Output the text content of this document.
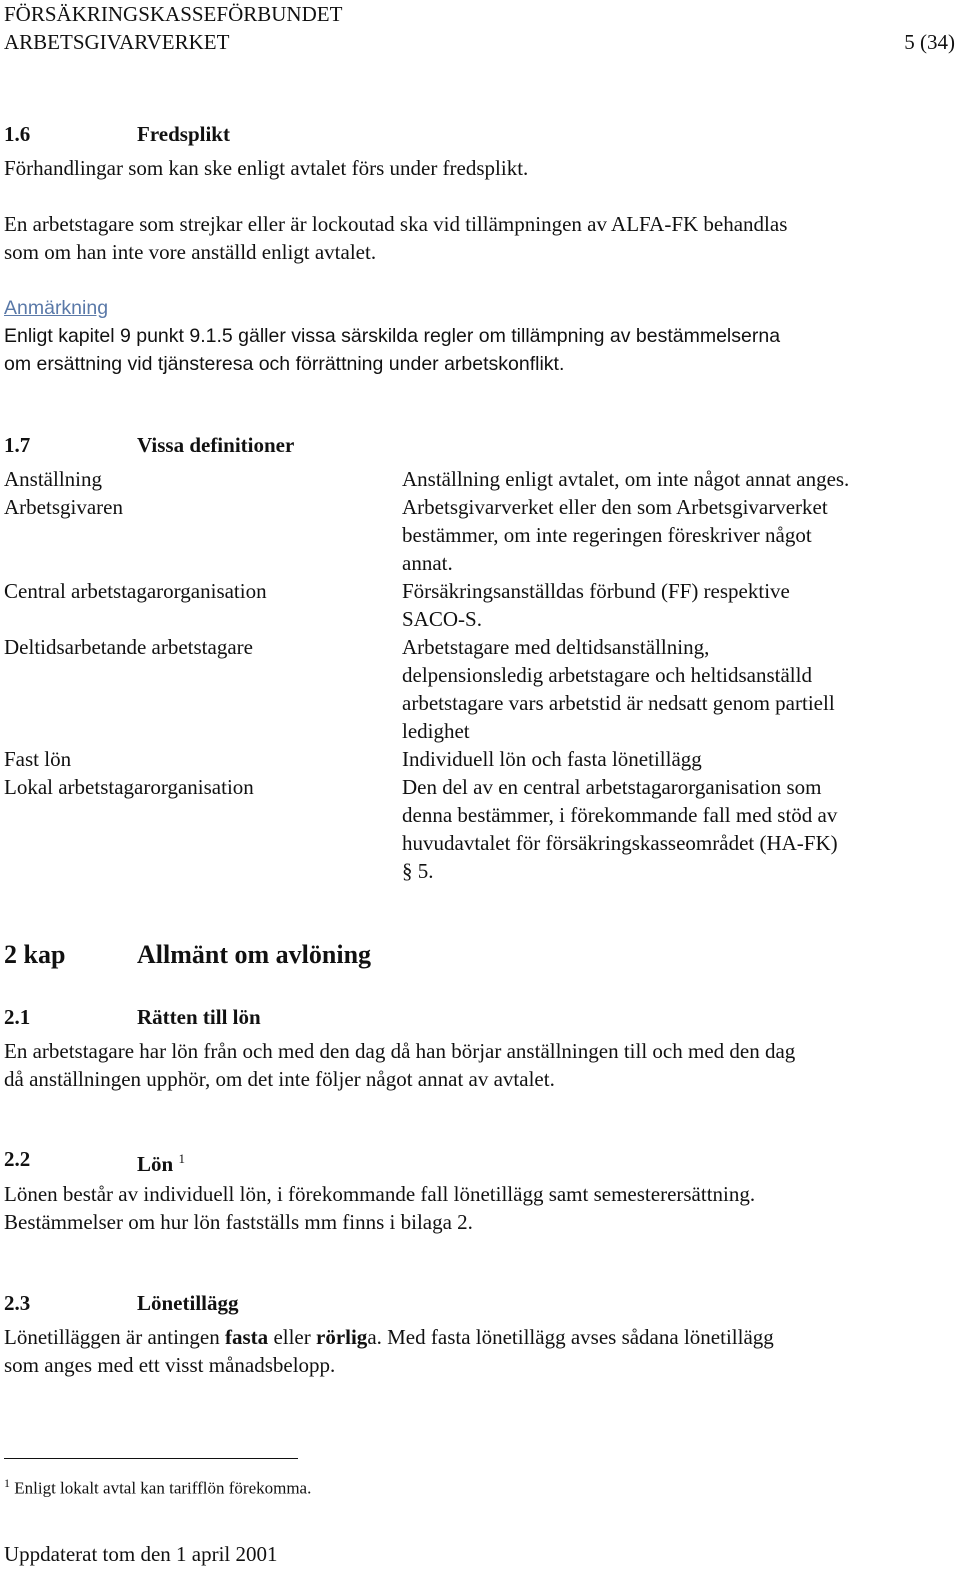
FÖRSÄKRINGSKASSEFÖRBUNDET
ARBETSGIVARVERKET	5 (34)
1.6	Fredsplikt
Förhandlingar som kan ske enligt avtalet förs under fredsplikt.
En arbetstagare som strejkar eller är lockoutad ska vid tillämpningen av ALFA-FK behandlas
som om han inte vore anställd enligt avtalet.
Anmärkning
Enligt kapitel 9 punkt 9.1.5 gäller vissa särskilda regler om tillämpning av bestämmelserna
om ersättning vid tjänsteresa och förrättning under arbetskonflikt.
1.7	Vissa definitioner
Anställning	Anställning enligt avtalet, om inte något annat anges.
Arbetsgivaren	Arbetsgivarverket eller den som Arbetsgivarverket
bestämmer, om inte regeringen föreskriver något
annat.
Central arbetstagarorganisation	Försäkringsanställdas förbund (FF) respektive
SACO-S.
Deltidsarbetande arbetstagare	Arbetstagare med deltidsanställning,
delpensionsledig arbetstagare och heltidsanställd
arbetstagare vars arbetstid är nedsatt genom partiell
ledighet
Fast lön	Individuell lön och fasta lönetillägg
Lokal arbetstagarorganisation	Den del av en central arbetstagarorganisation som
denna bestämmer, i förekommande fall med stöd av
huvudavtalet för försäkringskasseområdet (HA-FK)
§ 5.
2 kap	Allmänt om avlöning
2.1	Rätten till lön
En arbetstagare har lön från och med den dag då han börjar anställningen till och med den dag
då anställningen upphör, om det inte följer något annat av avtalet.
2.2	Lön $^1$
Lönen består av individuell lön, i förekommande fall lönetillägg samt semesterersättning.
Bestämmelser om hur lön fastställs mm finns i bilaga 2.
2.3	Lönetillägg
Lönetilläggen är antingen fasta eller rörliga. Med fasta lönetillägg avses sådana lönetillägg
som anges med ett visst månadsbelopp.
$^1$ Enligt lokalt avtal kan tarifflön förekomma.
Uppdaterat tom den 1 april 2001
